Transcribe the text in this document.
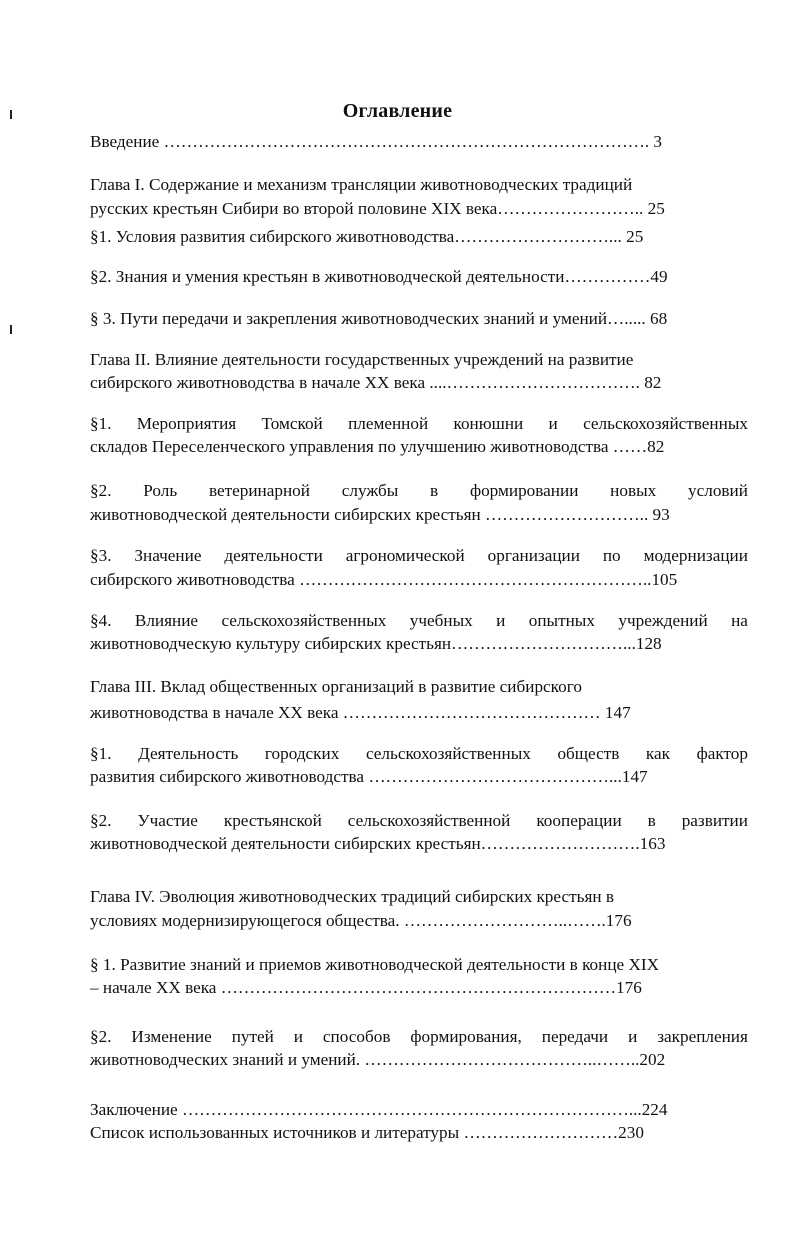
Оглавление
Введение …………………………………………………………………………. 3
Глава I. Содержание и механизм трансляции животноводческих традиций
русских крестьян Сибири во второй половине XIX века…………………….. 25
§1. Условия развития сибирского животноводства………………………... 25
§2. Знания и умения крестьян в животноводческой деятельности……………49
§ 3. Пути передачи и закрепления животноводческих знаний и умений…..... 68
Глава II. Влияние деятельности государственных учреждений на развитие
сибирского животноводства в начале XX века ....……………………………. 82
§1. Мероприятия Томской племенной конюшни и сельскохозяйственных
складов Переселенческого управления по улучшению животноводства ……82
§2. Роль ветеринарной службы в формировании новых условий
животноводческой деятельности сибирских крестьян ……………………….. 93
§3. Значение деятельности агрономической организации по модернизации
сибирского животноводства ……………………………………………………..105
§4. Влияние сельскохозяйственных учебных и опытных учреждений на
животноводческую культуру сибирских крестьян…………………………...128
Глава III. Вклад общественных организаций в развитие сибирского
животноводства в начале XX века ……………………………………… 147
§1. Деятельность городских сельскохозяйственных обществ как фактор
развития сибирского животноводства ……………………………………...147
§2. Участие крестьянской сельскохозяйственной кооперации в развитии
животноводческой деятельности сибирских крестьян……………………….163
Глава IV. Эволюция животноводческих традиций сибирских крестьян в
условиях модернизирующегося общества. ………………………..…….176
§ 1. Развитие знаний и приемов животноводческой деятельности в конце XIX
– начале XX века ……………………………………………………………176
§2. Изменение путей и способов формирования, передачи и закрепления
животноводческих знаний и умений. …………………………………..……..202
Заключение ……………………………………………………………………...224
Список использованных источников и литературы ………………………230
